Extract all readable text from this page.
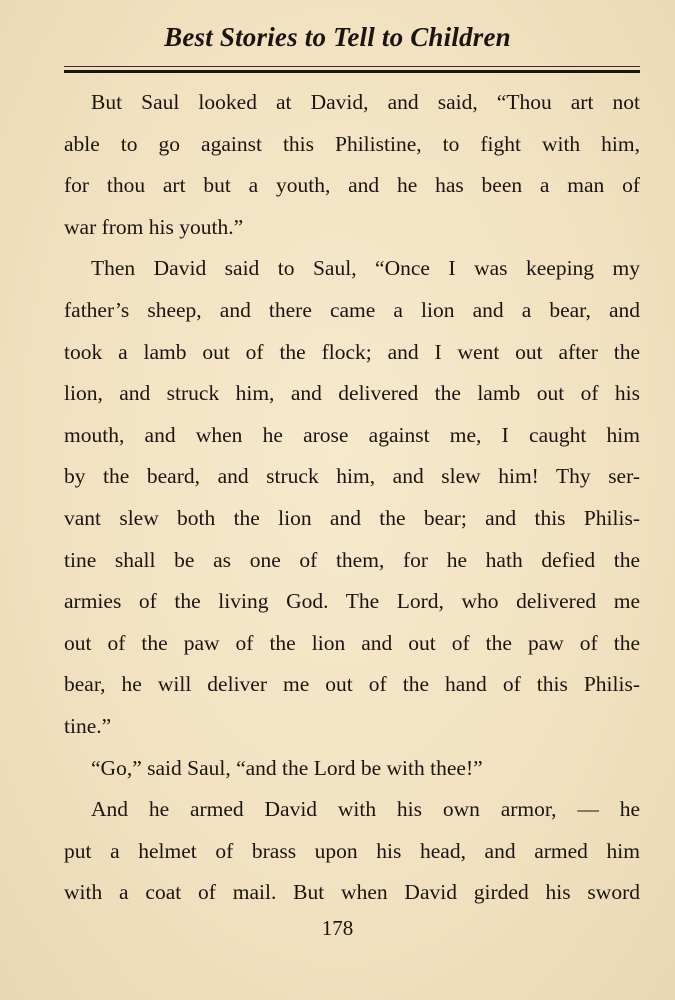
Best Stories to Tell to Children
But Saul looked at David, and said, “Thou art not
able to go against this Philistine, to fight with him,
for thou art but a youth, and he has been a man of
war from his youth.”
Then David said to Saul, “Once I was keeping my
father’s sheep, and there came a lion and a bear, and
took a lamb out of the flock; and I went out after the
lion, and struck him, and delivered the lamb out of his
mouth, and when he arose against me, I caught him
by the beard, and struck him, and slew him! Thy ser-
vant slew both the lion and the bear; and this Philis-
tine shall be as one of them, for he hath defied the
armies of the living God. The Lord, who delivered me
out of the paw of the lion and out of the paw of the
bear, he will deliver me out of the hand of this Philis-
tine.”
“Go,” said Saul, “and the Lord be with thee!”
And he armed David with his own armor, — he
put a helmet of brass upon his head, and armed him
with a coat of mail. But when David girded his sword
178
